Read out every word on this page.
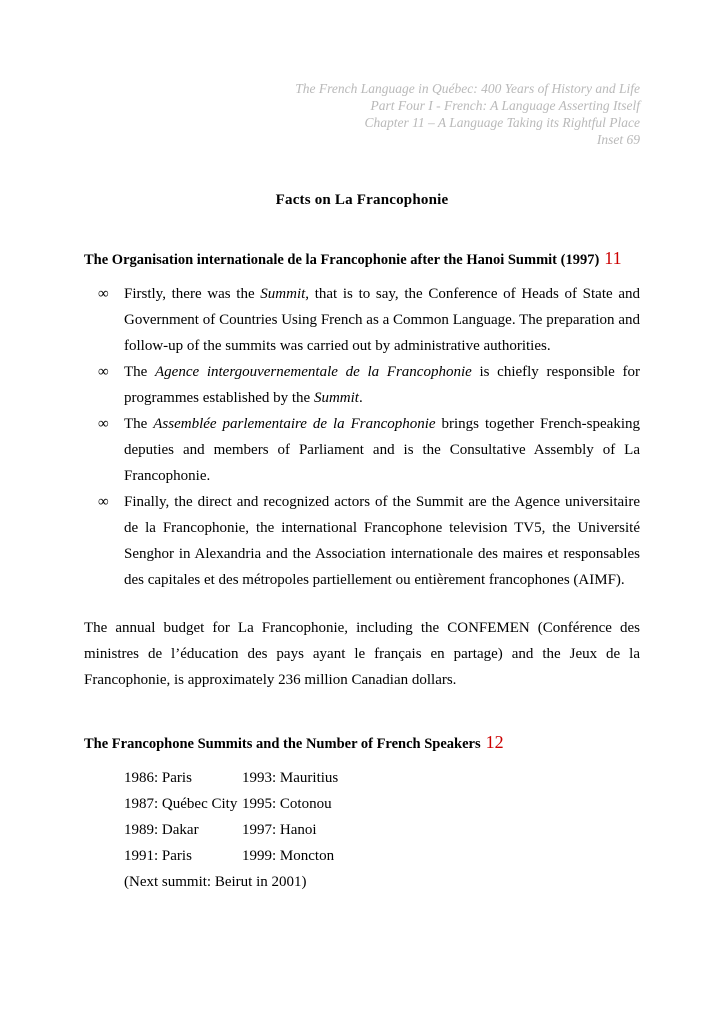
The French Language in Québec: 400 Years of History and Life
Part Four I - French: A Language Asserting Itself
Chapter 11 – A Language Taking its Rightful Place
Inset 69
Facts on La Francophonie
The Organisation internationale de la Francophonie after the Hanoi Summit (1997) 11
∞ Firstly, there was the Summit, that is to say, the Conference of Heads of State and Government of Countries Using French as a Common Language. The preparation and follow-up of the summits was carried out by administrative authorities.
∞ The Agence intergouvernementale de la Francophonie is chiefly responsible for programmes established by the Summit.
∞ The Assemblée parlementaire de la Francophonie brings together French-speaking deputies and members of Parliament and is the Consultative Assembly of La Francophonie.
∞ Finally, the direct and recognized actors of the Summit are the Agence universitaire de la Francophonie, the international Francophone television TV5, the Université Senghor in Alexandria and the Association internationale des maires et responsables des capitales et des métropoles partiellement ou entièrement francophones (AIMF).

The annual budget for La Francophonie, including the CONFEMEN (Conférence des ministres de l’éducation des pays ayant le français en partage) and the Jeux de la Francophonie, is approximately 236 million Canadian dollars.

The Francophone Summits and the Number of French Speakers 12
1986: Paris	1993: Mauritius
1987: Québec City 1995: Cotonou
1989: Dakar	1997: Hanoi
1991: Paris	1999: Moncton
(Next summit: Beirut in 2001)
